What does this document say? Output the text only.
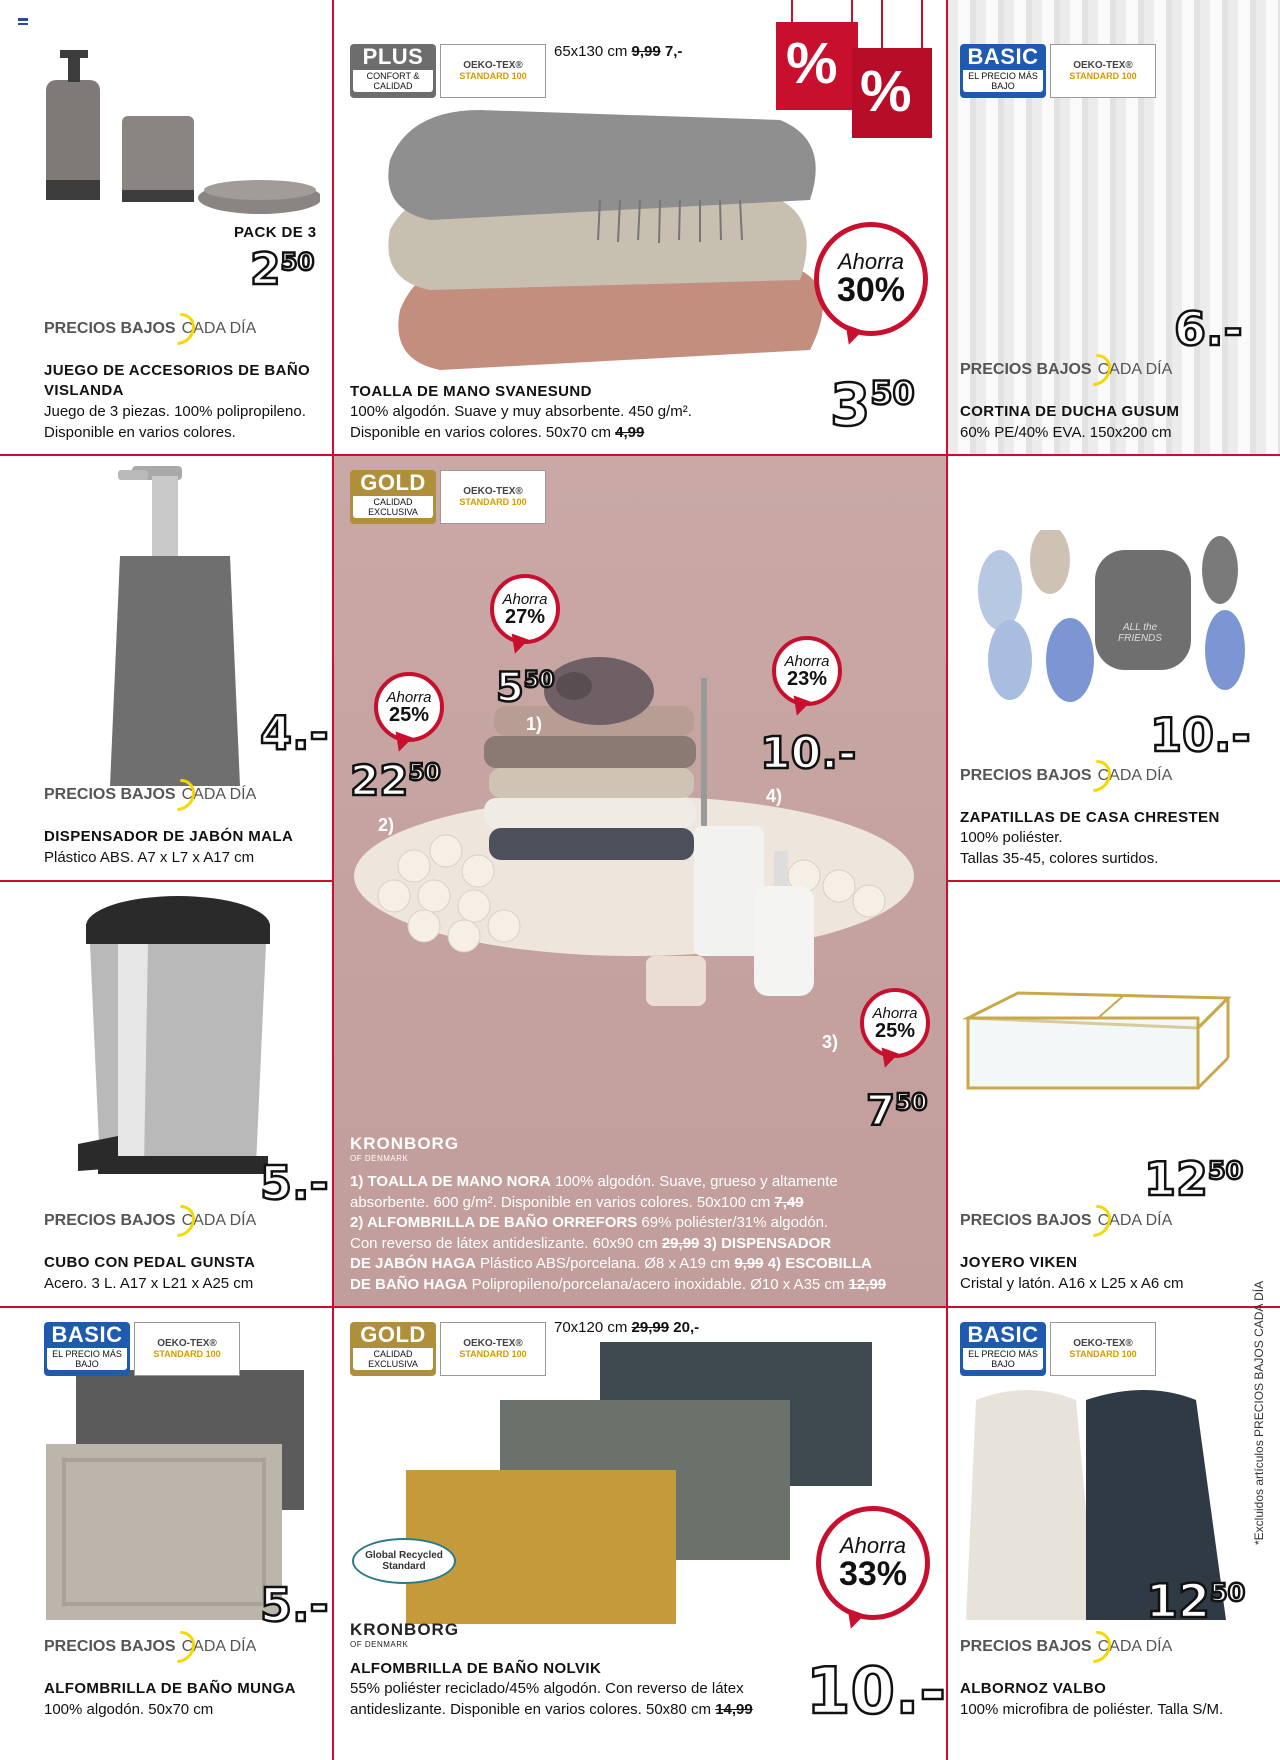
% %
ALL the FRIENDS
PACK DE 3
$2^{50}$
PRECIOS BAJOS CADA DÍA
JUEGO DE ACCESORIOS DE BAÑO VISLANDA
Juego de 3 piezas. 100% polipropileno.
Disponible en varios colores.
PLUS
CONFORT & CALIDAD
OEKO-TEX®
STANDARD 100
65x130 cm 9,99 7,-
Ahorra
30%
$3^{50}$
TOALLA DE MANO SVANESUND
100% algodón. Suave y muy absorbente. 450 g/m².
Disponible en varios colores. 50x70 cm 4,99
BASIC
EL PRECIO MÁS BAJO
OEKO-TEX®
STANDARD 100
6.-
PRECIOS BAJOS CADA DÍA
CORTINA DE DUCHA GUSUM
60% PE/40% EVA. 150x200 cm
4.-
PRECIOS BAJOS CADA DÍA
DISPENSADOR DE JABÓN MALA
Plástico ABS. A7 x L7 x A17 cm
GOLD
CALIDAD EXCLUSIVA
OEKO-TEX®
STANDARD 100
Ahorra
27%
$5^{50}$
1)
Ahorra
25%
$22^{50}$
2)
Ahorra
23%
10.-
4)
Ahorra
25%
$7^{50}$
3)
KRONBORG
OF DENMARK
1) TOALLA DE MANO NORA 100% algodón. Suave, grueso y altamente
absorbente. 600 g/m². Disponible en varios colores. 50x100 cm 7,49
2) ALFOMBRILLA DE BAÑO ORREFORS 69% poliéster/31% algodón.
Con reverso de látex antideslizante. 60x90 cm 29,99 3) DISPENSADOR
DE JABÓN HAGA Plástico ABS/porcelana. Ø8 x A19 cm 9,99 4) ESCOBILLA
DE BAÑO HAGA Polipropileno/porcelana/acero inoxidable. Ø10 x A35 cm 12,99
10.-
PRECIOS BAJOS CADA DÍA
ZAPATILLAS DE CASA CHRESTEN
100% poliéster.
Tallas 35-45, colores surtidos.
5.-
PRECIOS BAJOS CADA DÍA
CUBO CON PEDAL GUNSTA
Acero. 3 L. A17 x L21 x A25 cm
$12^{50}$
PRECIOS BAJOS CADA DÍA
JOYERO VIKEN
Cristal y latón. A16 x L25 x A6 cm
BASIC
EL PRECIO MÁS BAJO
OEKO-TEX®
STANDARD 100
5.-
PRECIOS BAJOS CADA DÍA
ALFOMBRILLA DE BAÑO MUNGA
100% algodón. 50x70 cm
GOLD
CALIDAD EXCLUSIVA
OEKO-TEX®
STANDARD 100
70x120 cm 29,99 20,-
Global Recycled Standard
KRONBORG
OF DENMARK
Ahorra
33%
10.-
ALFOMBRILLA DE BAÑO NOLVIK
55% poliéster reciclado/45% algodón. Con reverso de látex
antideslizante. Disponible en varios colores. 50x80 cm 14,99
BASIC
EL PRECIO MÁS BAJO
OEKO-TEX®
STANDARD 100
$12^{50}$
PRECIOS BAJOS CADA DÍA
ALBORNOZ VALBO
100% microfibra de poliéster. Talla S/M.
*Excluidos artículos PRECIOS BAJOS CADA DÍA
